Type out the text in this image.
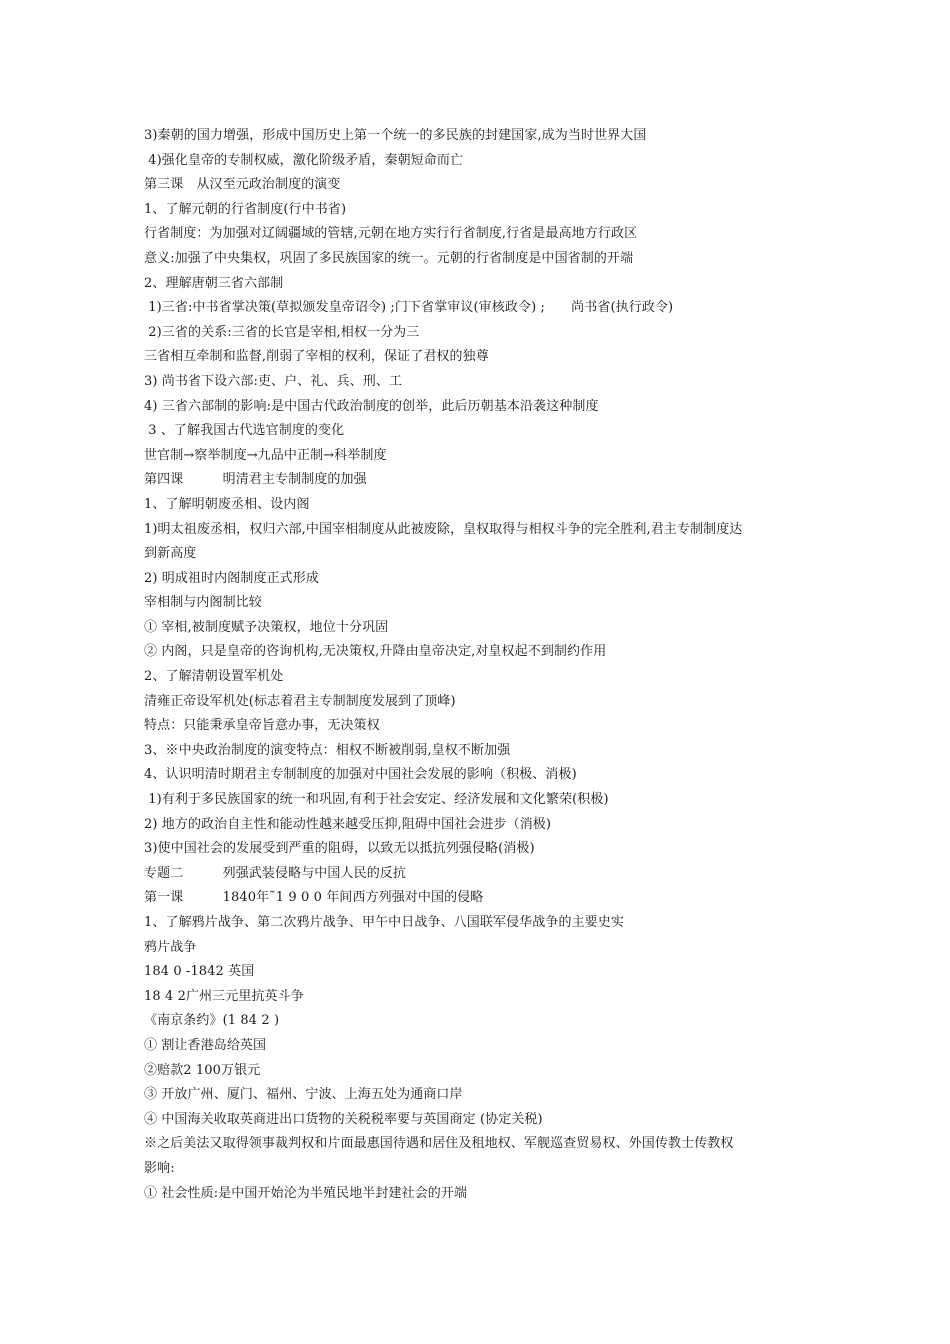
3)秦朝的国力增强，形成中国历史上第一个统一的多民族的封建国家,成为当时世界大国
4)强化皇帝的专制权威，激化阶级矛盾，秦朝短命而亡
第三课　从汉至元政治制度的演变
1、了解元朝的行省制度(行中书省)
行省制度：为加强对辽阔疆域的管辖,元朝在地方实行行省制度,行省是最高地方行政区
意义:加强了中央集权，巩固了多民族国家的统一。元朝的行省制度是中国省制的开端
2、理解唐朝三省六部制
1)三省:中书省掌决策(草拟颁发皇帝诏令) ;门下省掌审议(审核政令) ;　　尚书省(执行政令)
2)三省的关系:三省的长官是宰相,相权一分为三
三省相互牵制和监督,削弱了宰相的权利，保证了君权的独尊
3) 尚书省下设六部:吏、户、礼、兵、刑、工
4) 三省六部制的影响:是中国古代政治制度的创举，此后历朝基本沿袭这种制度
3 、了解我国古代选官制度的变化
世官制→察举制度→九品中正制→科举制度
第四课　　　明清君主专制制度的加强
1、了解明朝废丞相、设内阁
1)明太祖废丞相，权归六部,中国宰相制度从此被废除，皇权取得与相权斗争的完全胜利,君主专制制度达
到新高度
2) 明成祖时内阁制度正式形成
宰相制与内阁制比较
① 宰相,被制度赋予决策权，地位十分巩固
② 内阁，只是皇帝的咨询机构,无决策权,升降由皇帝决定,对皇权起不到制约作用
2、了解清朝设置军机处
清雍正帝设军机处(标志着君主专制制度发展到了顶峰)
特点：只能秉承皇帝旨意办事，无决策权
3、※中央政治制度的演变特点：相权不断被削弱,皇权不断加强
4、认识明清时期君主专制制度的加强对中国社会发展的影响（积极、消极)
1)有利于多民族国家的统一和巩固,有利于社会安定、经济发展和文化繁荣(积极)
2) 地方的政治自主性和能动性越来越受压抑,阻碍中国社会进步（消极)
3)使中国社会的发展受到严重的阻碍，以致无以抵抗列强侵略(消极)
专题二　　　列强武装侵略与中国人民的反抗
第一课　　　1840年˜1 9 0 0 年间西方列强对中国的侵略
1、了解鸦片战争、第二次鸦片战争、甲午中日战争、八国联军侵华战争的主要史实
鸦片战争
184 0 -1842 英国
18 4 2广州三元里抗英斗争
《南京条约》(1 84 2 )
① 割让香港岛给英国
②赔款2 100万银元
③ 开放广州、厦门、福州、宁波、上海五处为通商口岸
④ 中国海关收取英商进出口货物的关税税率要与英国商定 (协定关税)
※之后美法又取得领事裁判权和片面最惠国待遇和居住及租地权、军舰巡查贸易权、外国传教士传教权
影响:
① 社会性质:是中国开始沦为半殖民地半封建社会的开端
